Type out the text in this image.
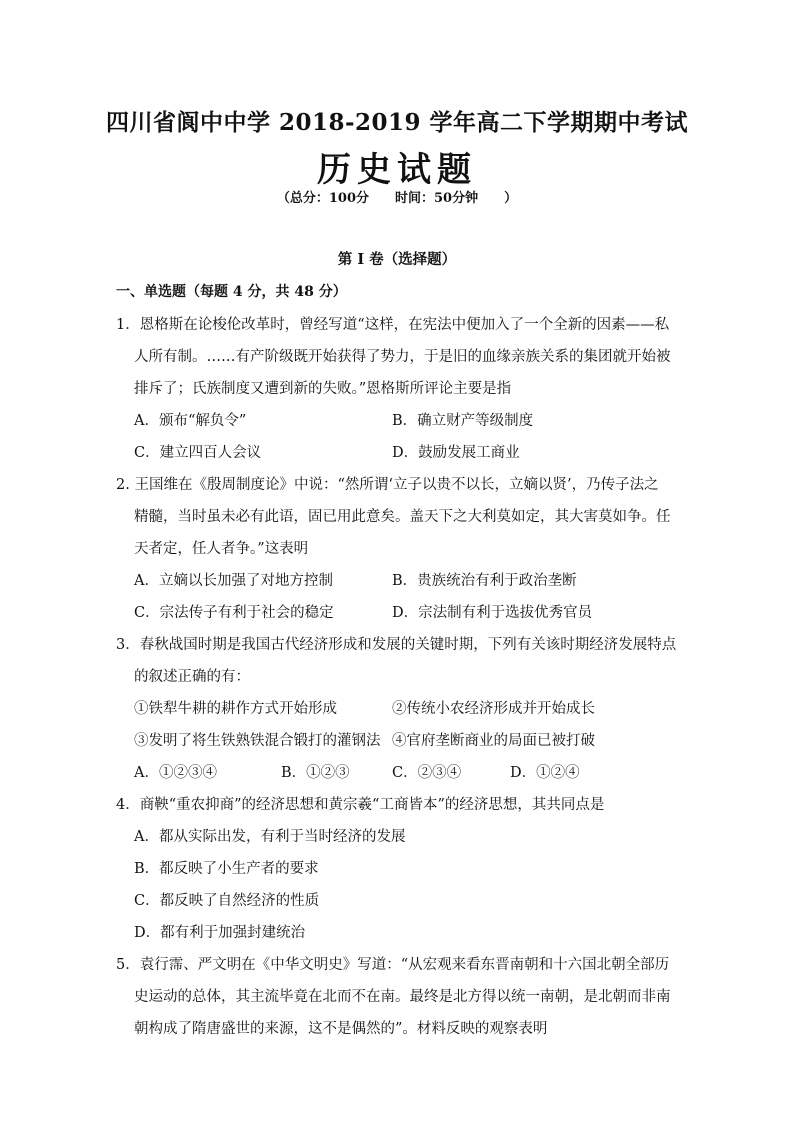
四川省阆中中学 2018-2019 学年高二下学期期中考试
历史试题
（总分：100分　　时间：50分钟　　）
第 I 卷（选择题）
一、单选题（每题 4 分，共 48 分）
1．恩格斯在论梭伦改革时，曾经写道“这样，在宪法中便加入了一个全新的因素——私
人所有制。……有产阶级既开始获得了势力，于是旧的血缘亲族关系的集团就开始被
排斥了；氏族制度又遭到新的失败。”恩格斯所评论主要是指
A．颁布“解负令”	B．确立财产等级制度
C．建立四百人会议	D．鼓励发展工商业
2. 王国维在《殷周制度论》中说：“然所谓‘立子以贵不以长，立嫡以贤’，乃传子法之
精髓，当时虽未必有此语，固已用此意矣。盖天下之大利莫如定，其大害莫如争。任
天者定，任人者争。”这表明
A．立嫡以长加强了对地方控制	B．贵族统治有利于政治垄断
C．宗法传子有利于社会的稳定	D．宗法制有利于选拔优秀官员
3．春秋战国时期是我国古代经济形成和发展的关键时期，下列有关该时期经济发展特点
的叙述正确的有：
①铁犁牛耕的耕作方式开始形成	②传统小农经济形成并开始成长
③发明了将生铁熟铁混合锻打的灌钢法 ④官府垄断商业的局面已被打破
A．①②③④	B．①②③	C．②③④	D．①②④
4．商鞅“重农抑商”的经济思想和黄宗羲“工商皆本”的经济思想，其共同点是
A．都从实际出发，有利于当时经济的发展
B．都反映了小生产者的要求
C．都反映了自然经济的性质
D．都有利于加强封建统治
5．袁行霈、严文明在《中华文明史》写道：“从宏观来看东晋南朝和十六国北朝全部历
史运动的总体，其主流毕竟在北而不在南。最终是北方得以统一南朝，是北朝而非南
朝构成了隋唐盛世的来源，这不是偶然的”。材料反映的观察表明
